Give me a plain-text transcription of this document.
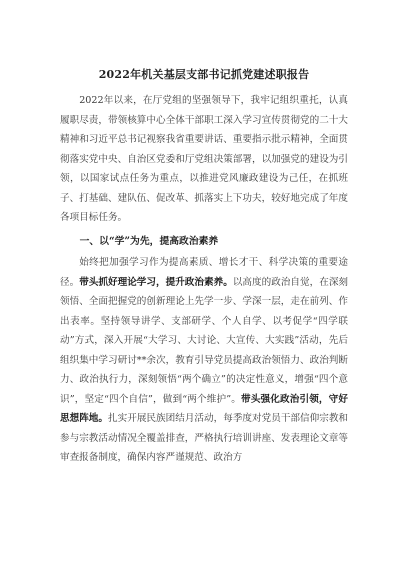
2022年机关基层支部书记抓党建述职报告

2022年以来，在厅党组的坚强领导下，我牢记组织重托，认真履职尽责，带领核算中心全体干部职工深入学习宣传贯彻党的二十大精神和习近平总书记视察我省重要讲话、重要指示批示精神，全面贯彻落实党中央、自治区党委和厅党组决策部署，以加强党的建设为引领，以国家试点任务为重点，以推进党风廉政建设为己任，在抓班子、打基础、建队伍、促改革、抓落实上下功夫，较好地完成了年度各项目标任务。

一、以“学”为先，提高政治素养

始终把加强学习作为提高素质、增长才干、科学决策的重要途径。带头抓好理论学习，提升政治素养。以高度的政治自觉，在深刻领悟、全面把握党的创新理论上先学一步、学深一层，走在前列、作出表率。坚持领导讲学、支部研学、个人自学、以考促学“四学联动”方式，深入开展“大学习、大讨论、大宣传、大实践”活动，先后组织集中学习研讨**余次，教育引导党员提高政治领悟力、政治判断力、政治执行力，深刻领悟“两个确立”的决定性意义，增强“四个意识”，坚定“四个自信”，做到“两个维护”。带头强化政治引领，守好思想阵地。扎实开展民族团结月活动，每季度对党员干部信仰宗教和参与宗教活动情况全覆盖排查，严格执行培训讲座、发表理论文章等审查报备制度，确保内容严谨规范、政治方
